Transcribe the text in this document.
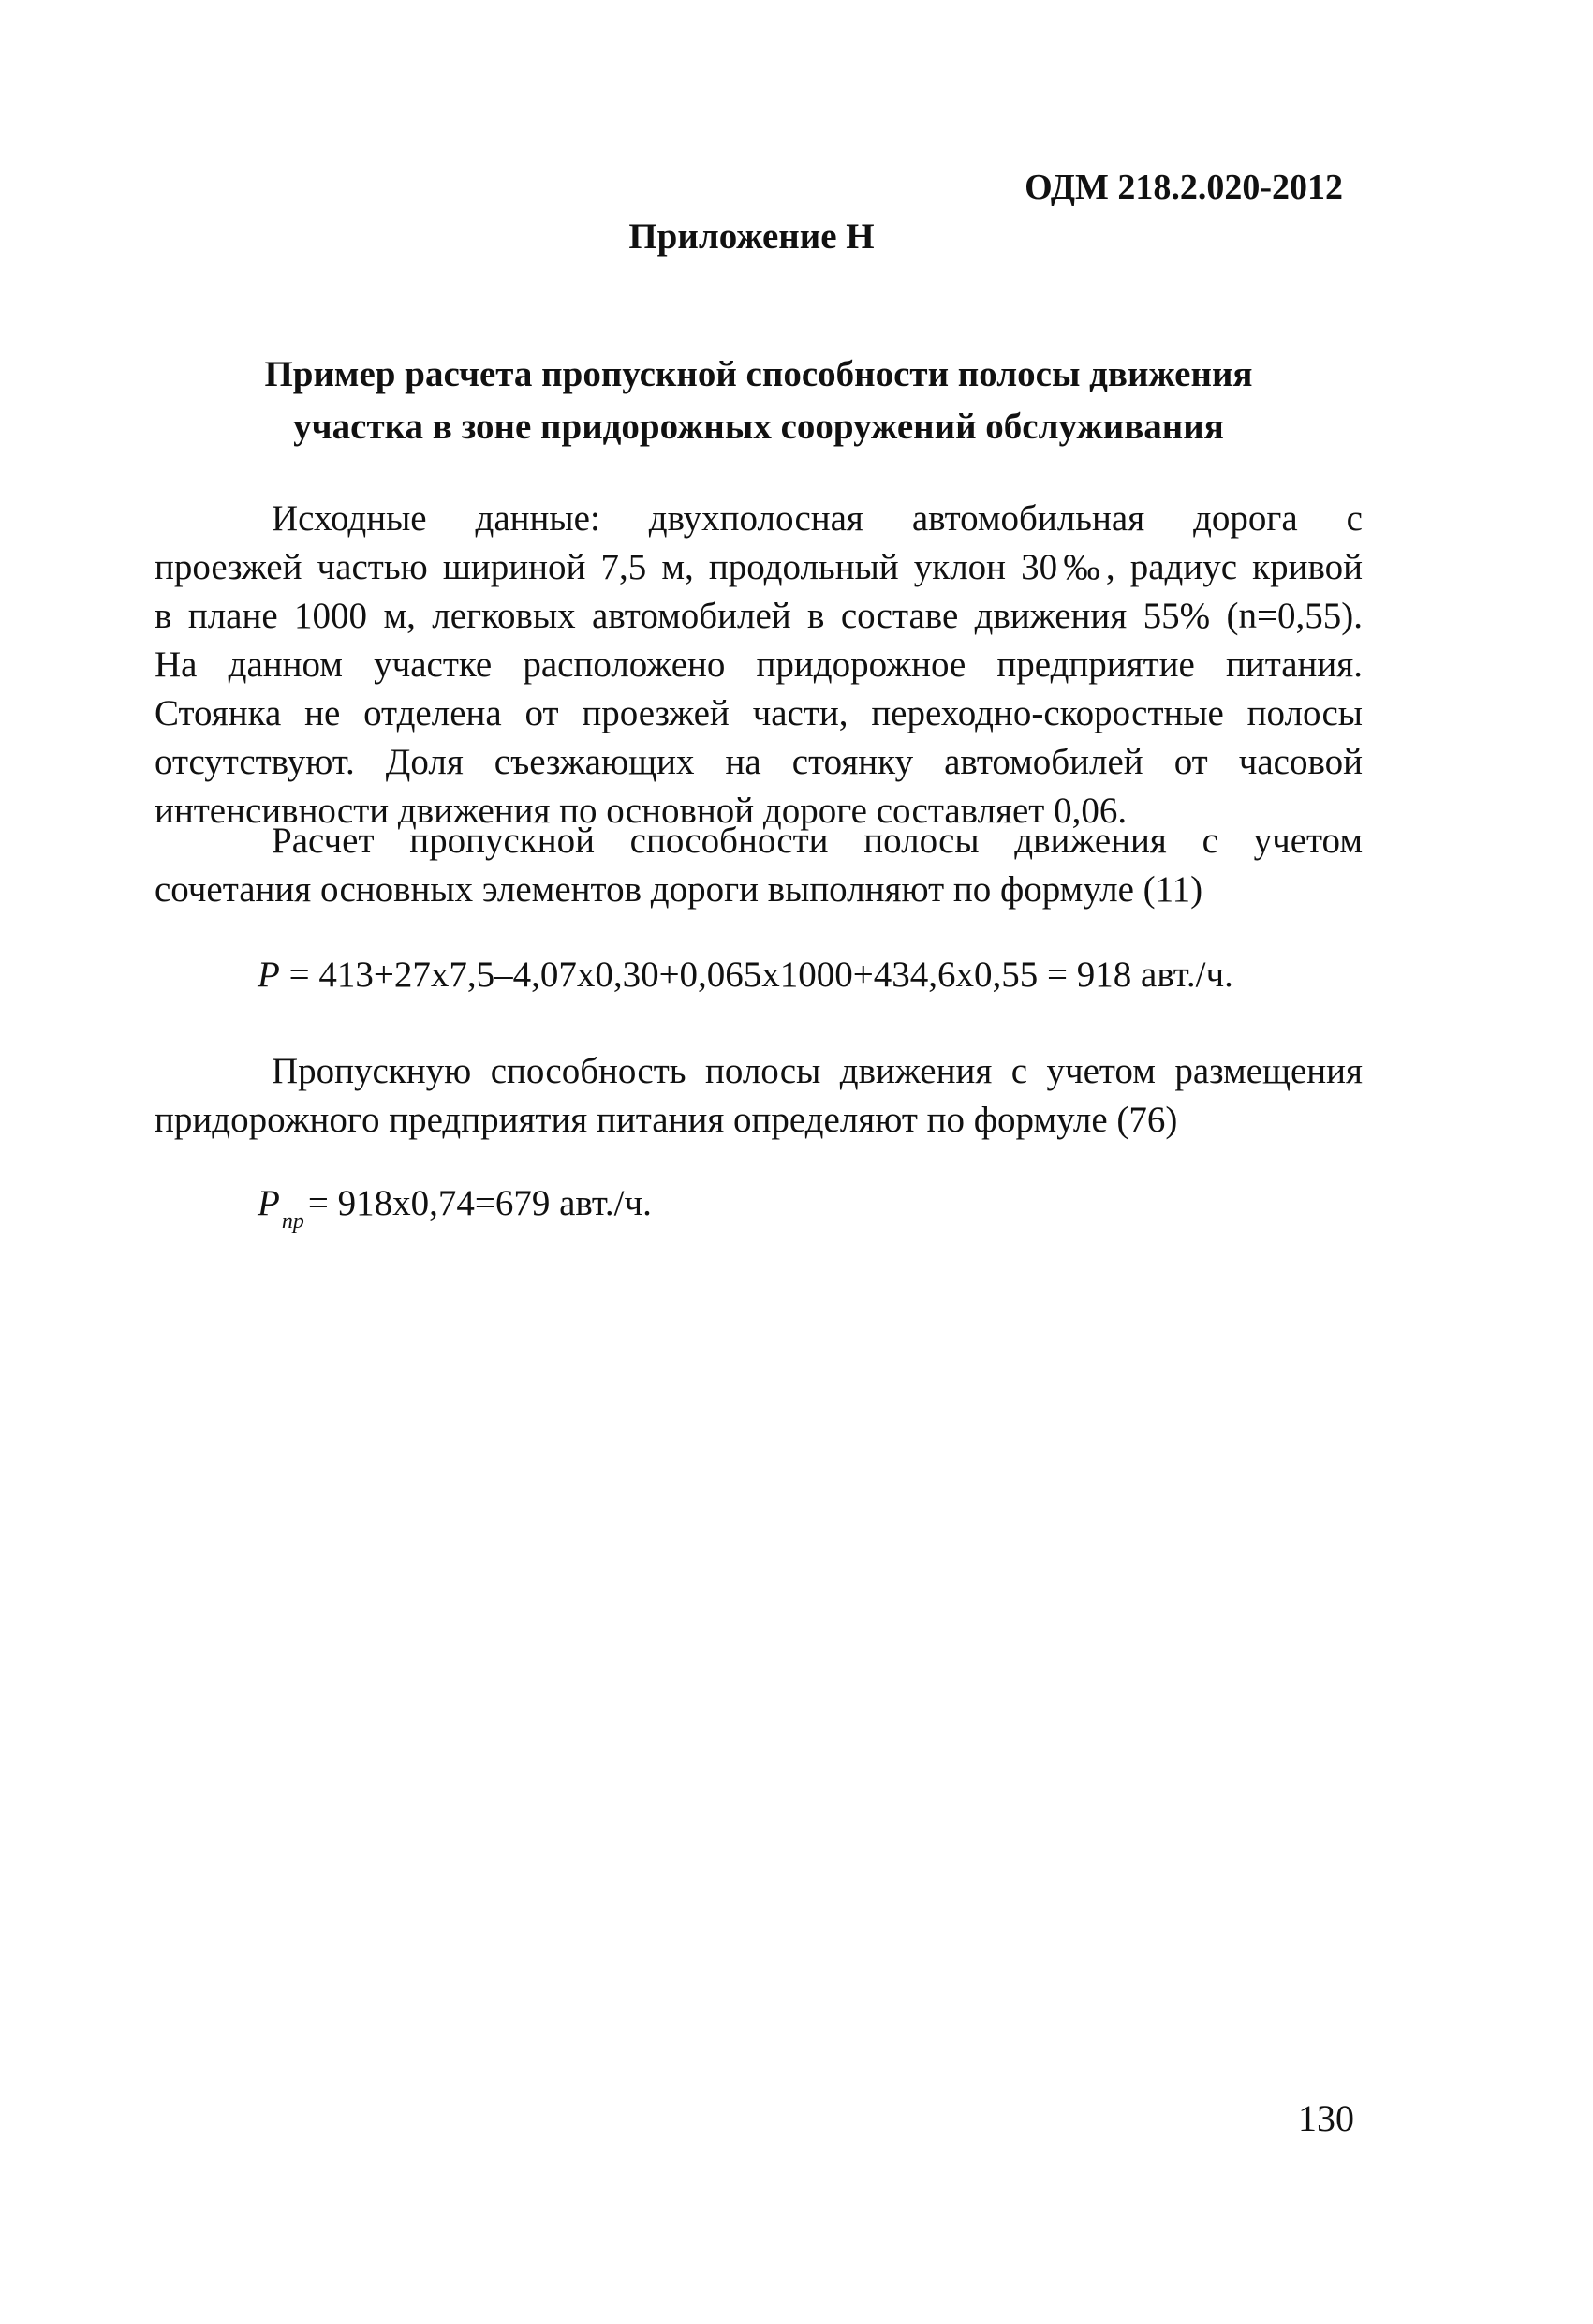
ОДМ 218.2.020-2012
Приложение Н
Пример расчета пропускной способности полосы движения
участка в зоне придорожных сооружений обслуживания
Исходные данные: двухполосная автомобильная дорога с
проезжей частью шириной 7,5 м, продольный уклон 30‰, радиус кривой
в плане 1000 м, легковых автомобилей в составе движения 55% (n=0,55).
На данном участке расположено придорожное предприятие питания.
Стоянка не отделена от проезжей части, переходно-скоростные полосы
отсутствуют. Доля съезжающих на стоянку автомобилей от часовой
интенсивности движения по основной дороге составляет 0,06.
Расчет пропускной способности полосы движения с учетом
сочетания основных элементов дороги выполняют по формуле (11)
P = 413+27x7,5–4,07x0,30+0,065x1000+434,6x0,55 = 918 авт./ч.
Пропускную способность полосы движения с учетом размещения
придорожного предприятия питания определяют по формуле (76)
$P_{пр} = 918x0,74=679$ авт./ч.
130
